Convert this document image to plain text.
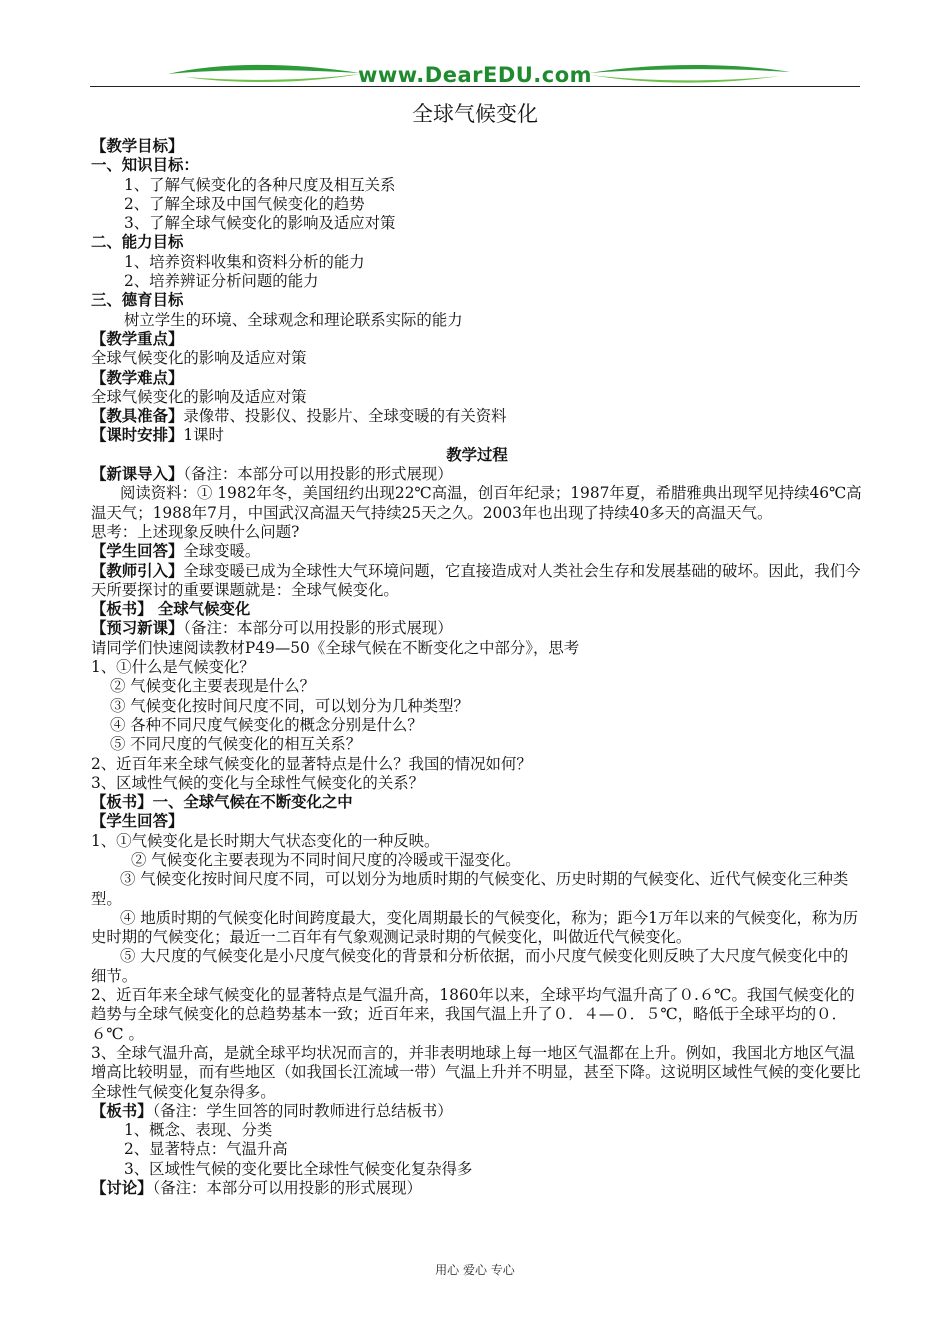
www.DearEDU.com
全球气候变化

【教学目标】

一、知识目标：

1、了解气候变化的各种尺度及相互关系

2、了解全球及中国气候变化的趋势

3、了解全球气候变化的影响及适应对策

二、能力目标

1、培养资料收集和资料分析的能力

2、培养辨证分析问题的能力

三、德育目标

树立学生的环境、全球观念和理论联系实际的能力

【教学重点】

全球气候变化的影响及适应对策

【教学难点】

全球气候变化的影响及适应对策

【教具准备】录像带、投影仪、投影片、全球变暖的有关资料

【课时安排】1课时

教学过程

【新课导入】（备注：本部分可以用投影的形式展现）

阅读资料：① 1982年冬，美国纽约出现22℃高温，创百年纪录；1987年夏，希腊雅典出现罕见持续46℃高温天气；1988年7月，中国武汉高温天气持续25天之久。2003年也出现了持续40多天的高温天气。

思考：上述现象反映什么问题?

【学生回答】全球变暖。

【教师引入】全球变暖已成为全球性大气环境问题，它直接造成对人类社会生存和发展基础的破坏。因此，我们今天所要探讨的重要课题就是：全球气候变化。

【板书】 全球气候变化

【预习新课】（备注：本部分可以用投影的形式展现）

请同学们快速阅读教材P49—50《全球气候在不断变化之中部分》，思考

1、①什么是气候变化？

② 气候变化主要表现是什么？

③ 气候变化按时间尺度不同，可以划分为几种类型？

④ 各种不同尺度气候变化的概念分别是什么？

⑤ 不同尺度的气候变化的相互关系？

2、近百年来全球气候变化的显著特点是什么？我国的情况如何？

3、区域性气候的变化与全球性气候变化的关系？

【板书】一、全球气候在不断变化之中

【学生回答】

1、①气候变化是长时期大气状态变化的一种反映。

② 气候变化主要表现为不同时间尺度的冷暖或干湿变化。

③ 气候变化按时间尺度不同，可以划分为地质时期的气候变化、历史时期的气候变化、近代气候变化三种类型。

④ 地质时期的气候变化时间跨度最大，变化周期最长的气候变化，称为；距今1万年以来的气候变化，称为历史时期的气候变化；最近一二百年有气象观测记录时期的气候变化，叫做近代气候变化。

⑤ 大尺度的气候变化是小尺度气候变化的背景和分析依据，而小尺度气候变化则反映了大尺度气候变化中的细节。

2、近百年来全球气候变化的显著特点是气温升高，1860年以来，全球平均气温升高了０.６℃。我国气候变化的趋势与全球气候变化的总趋势基本一致；近百年来，我国气温上升了０．４—０．５℃，略低于全球平均的０．６℃ 。

3、全球气温升高，是就全球平均状况而言的，并非表明地球上每一地区气温都在上升。例如，我国北方地区气温增高比较明显，而有些地区（如我国长江流域一带）气温上升并不明显，甚至下降。这说明区域性气候的变化要比全球性气候变化复杂得多。

【板书】（备注：学生回答的同时教师进行总结板书）

1、概念、表现、分类

2、显著特点：气温升高

3、区域性气候的变化要比全球性气候变化复杂得多

【讨论】（备注：本部分可以用投影的形式展现）

用心 爱心 专心
